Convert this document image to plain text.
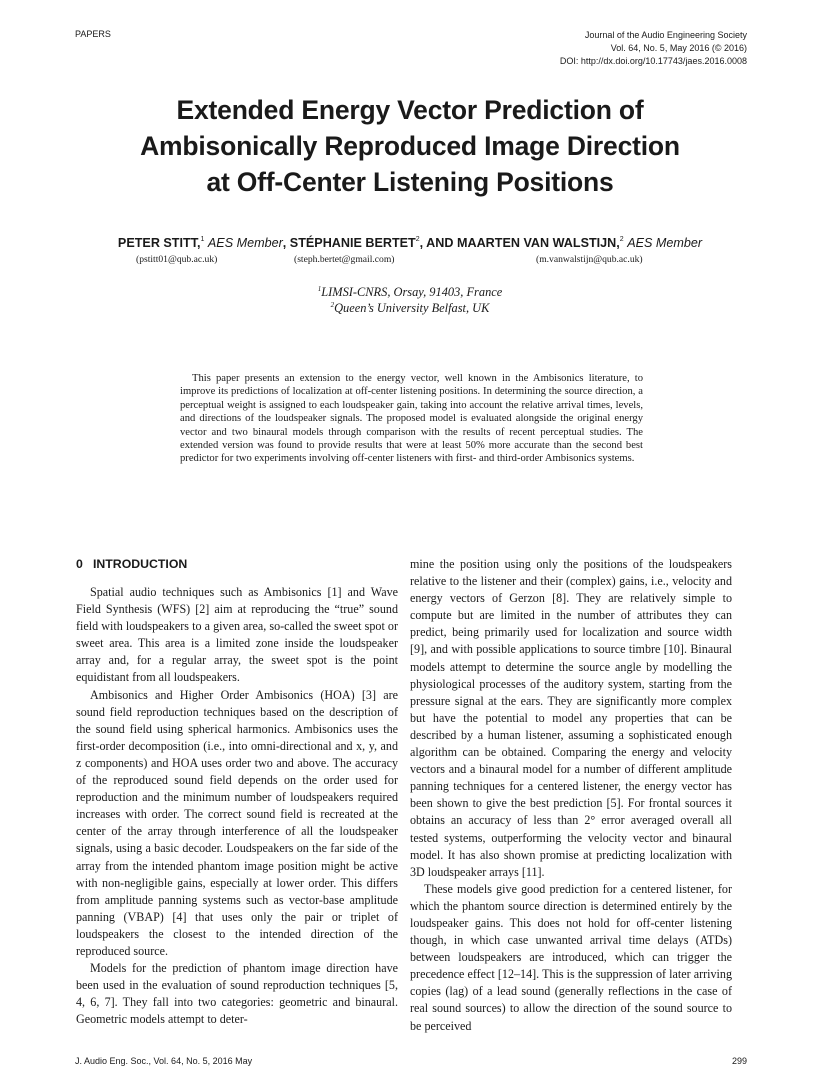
PAPERS	Journal of the Audio Engineering Society
Vol. 64, No. 5, May 2016 (© 2016)
DOI: http://dx.doi.org/10.17743/jaes.2016.0008
Extended Energy Vector Prediction of
Ambisonically Reproduced Image Direction
at Off-Center Listening Positions
PETER STITT,$^1$ AES Member, STÉPHANIE BERTET$^2$, AND MAARTEN VAN WALSTIJN,$^2$ AES Member
(pstitt01@qub.ac.uk)	(steph.bertet@gmail.com)	(m.vanwalstijn@qub.ac.uk)
$^1$LIMSI-CNRS, Orsay, 91403, France
$^2$Queen’s University Belfast, UK

This paper presents an extension to the energy vector, well known in the Ambisonics literature, to improve its predictions of localization at off-center listening positions. In determining the source direction, a perceptual weight is assigned to each loudspeaker gain, taking into account the relative arrival times, levels, and directions of the loudspeaker signals. The proposed model is evaluated alongside the original energy vector and two binaural models through comparison with the results of recent perceptual studies. The extended version was found to provide results that were at least 50% more accurate than the second best predictor for two experiments involving off-center listeners with first- and third-order Ambisonics systems.

0 INTRODUCTION

Spatial audio techniques such as Ambisonics [1] and Wave Field Synthesis (WFS) [2] aim at reproducing the “true” sound field with loudspeakers to a given area, so-called the sweet spot or sweet area. This area is a limited zone inside the loudspeaker array and, for a regular array, the sweet spot is the point equidistant from all loudspeakers.

Ambisonics and Higher Order Ambisonics (HOA) [3] are sound field reproduction techniques based on the description of the sound field using spherical harmonics. Ambisonics uses the first-order decomposition (i.e., into omni-directional and x, y, and z components) and HOA uses order two and above. The accuracy of the reproduced sound field depends on the order used for reproduction and the minimum number of loudspeakers required increases with order. The correct sound field is recreated at the center of the array through interference of all the loudspeaker signals, using a basic decoder. Loudspeakers on the far side of the array from the intended phantom image position might be active with non-negligible gains, especially at lower order. This differs from amplitude panning systems such as vector-base amplitude panning (VBAP) [4] that uses only the pair or triplet of loudspeakers the closest to the intended direction of the reproduced source.

Models for the prediction of phantom image direction have been used in the evaluation of sound reproduction techniques [5, 4, 6, 7]. They fall into two categories: geometric and binaural. Geometric models attempt to deter-

mine the position using only the positions of the loudspeakers relative to the listener and their (complex) gains, i.e., velocity and energy vectors of Gerzon [8]. They are relatively simple to compute but are limited in the number of attributes they can predict, being primarily used for localization and source width [9], and with possible applications to source timbre [10]. Binaural models attempt to determine the source angle by modelling the physiological processes of the auditory system, starting from the pressure signal at the ears. They are significantly more complex but have the potential to model any properties that can be described by a human listener, assuming a sophisticated enough algorithm can be obtained. Comparing the energy and velocity vectors and a binaural model for a number of different amplitude panning techniques for a centered listener, the energy vector has been shown to give the best prediction [5]. For frontal sources it obtains an accuracy of less than 2° error averaged overall all tested systems, outperforming the velocity vector and binaural model. It has also shown promise at predicting localization with 3D loudspeaker arrays [11].

These models give good prediction for a centered listener, for which the phantom source direction is determined entirely by the loudspeaker gains. This does not hold for off-center listening though, in which case unwanted arrival time delays (ATDs) between loudspeakers are introduced, which can trigger the precedence effect [12–14]. This is the suppression of later arriving copies (lag) of a lead sound (generally reflections in the case of real sound sources) to allow the direction of the sound source to be perceived

J. Audio Eng. Soc., Vol. 64, No. 5, 2016 May	299
